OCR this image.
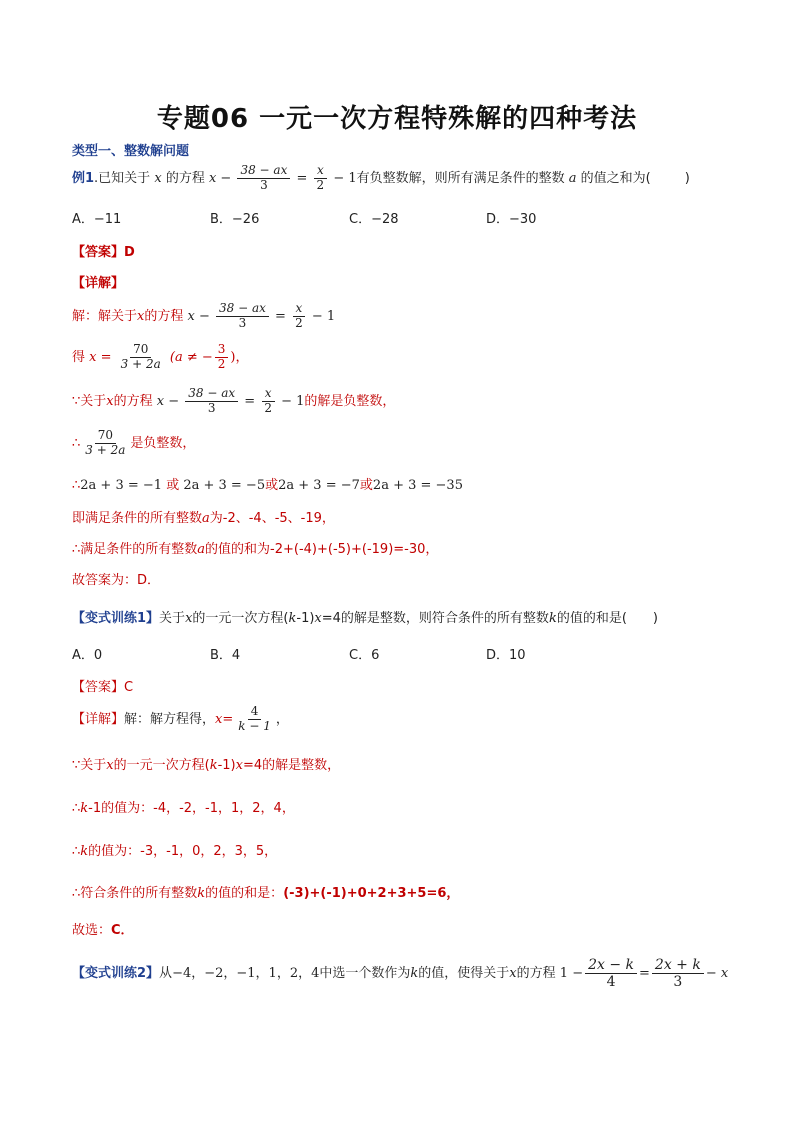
专题06 一元一次方程特殊解的四种考法
类型一、整数解问题
例1.已知关于 x 的方程 $x - \frac{38 - ax}{3} = \frac{x}{2} - 1$有负整数解，则所有满足条件的整数 a 的值之和为(	)
A．−11	B．−26	C．−28	D．−30
【答案】D
【详解】
解：解关于x的方程 $x - \frac{38 - ax}{3} = \frac{x}{2} - 1$
得 $x = \frac{70}{3 + 2a} (a$ ≠ − $\frac{3}{2}$ )，
∵关于x的方程 $x - \frac{38 - ax}{3} = \frac{x}{2} - 1$的解是负整数，
∴ $\frac{70}{3 + 2a}$ 是负整数，
∴2a + 3 = −1 或 2a + 3 = −5或2a + 3 = −7或2a + 3 = −35
即满足条件的所有整数a为-2、-4、-5、-19，
∴满足条件的所有整数a的值的和为-2+(-4)+(-5)+(-19)=-30，
故答案为：D．
【变式训练1】关于x的一元一次方程(k-1)x=4的解是整数，则符合条件的所有整数k的值的和是( )
A．0	B．4	C．6	D．10
【答案】C
【详解】解：解方程得，$x= \frac{4}{k - 1}$ ，
∵关于x的一元一次方程(k-1)x=4的解是整数，
∴k-1的值为：-4，-2，-1，1，2，4，
∴k的值为：-3，-1，0，2，3，5，
∴符合条件的所有整数k的值的和是：(-3)+(-1)+0+2+3+5=6，
故选：C．
【变式训练2】从−4，−2，−1，1，2，4中选一个数作为k的值，使得关于x的方程 $1 - \frac{2x - k}{4} = \frac{2x + k}{3} - x$
